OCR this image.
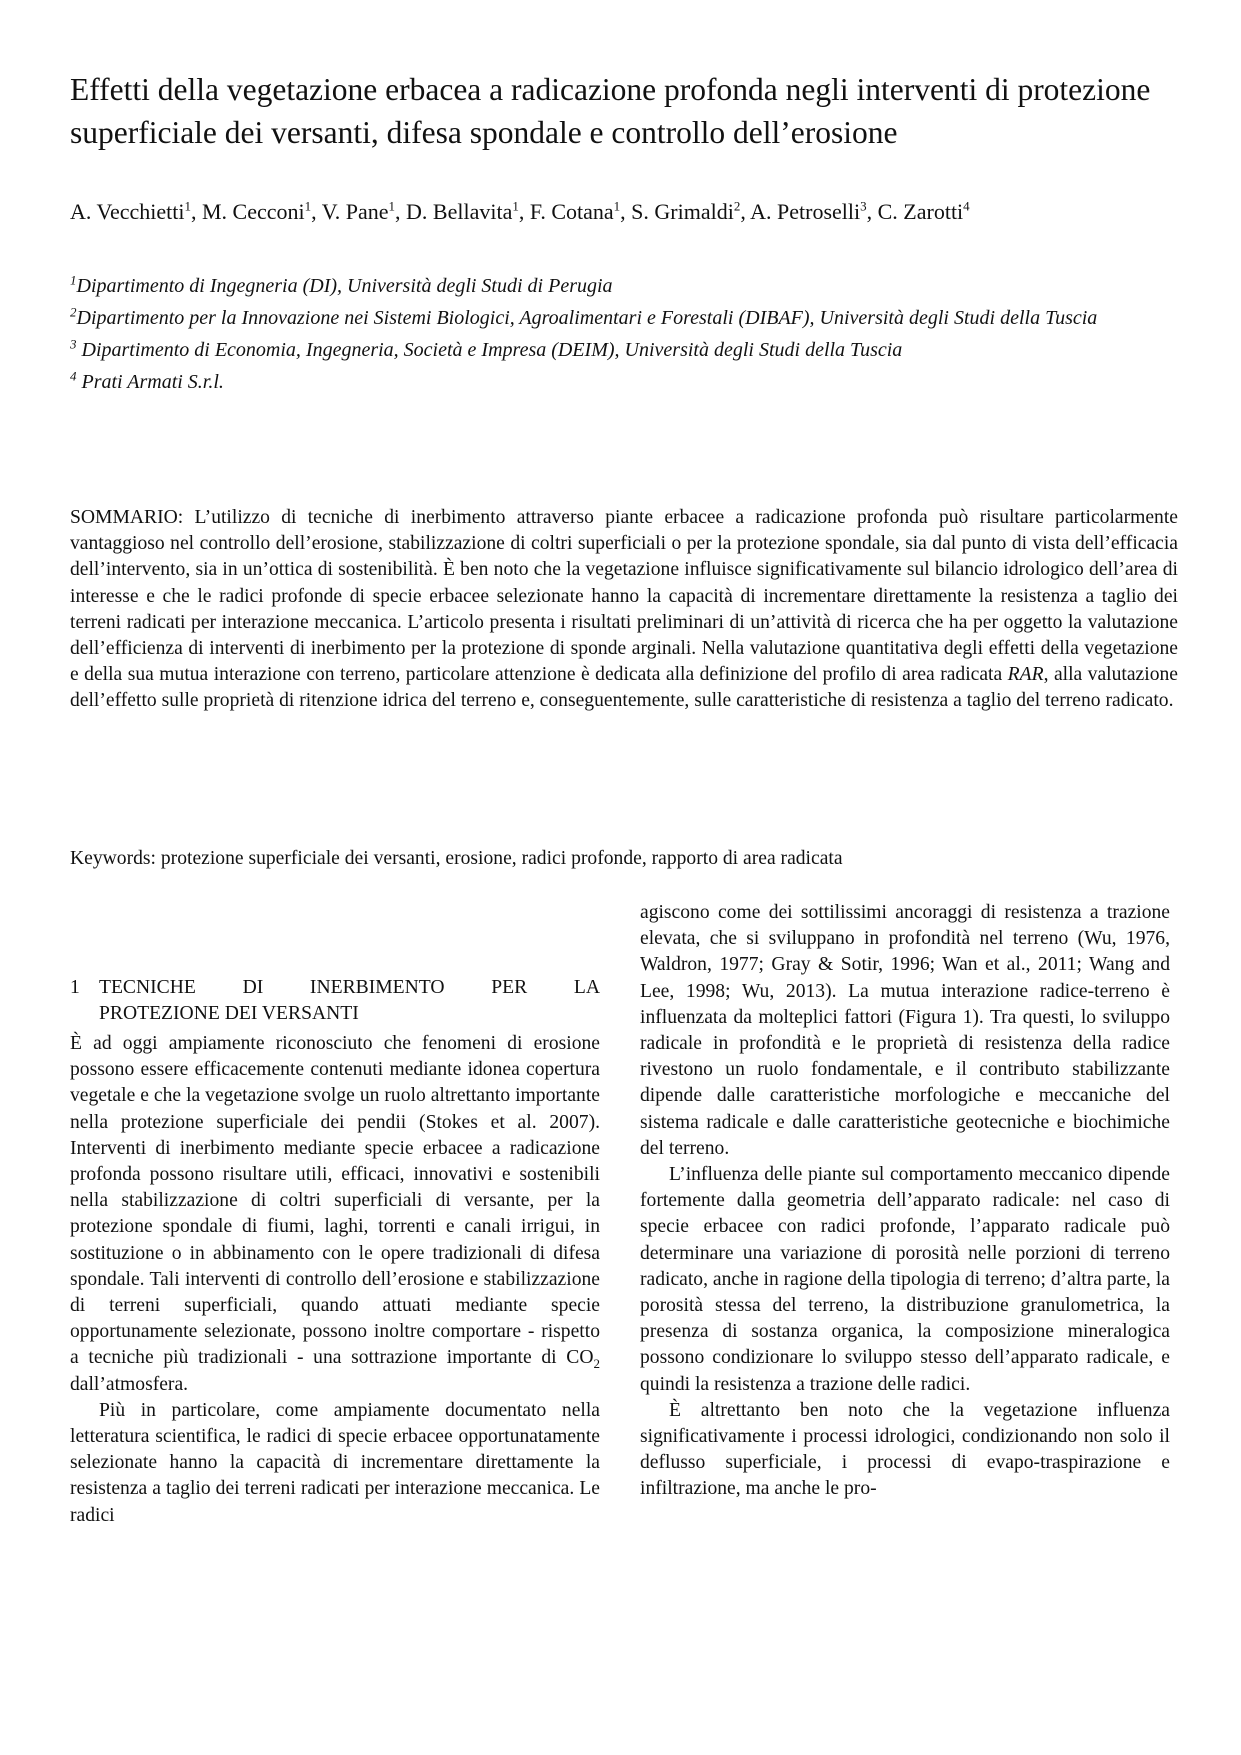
Effetti della vegetazione erbacea a radicazione profonda negli interventi di protezione superficiale dei versanti, difesa spondale e controllo dell’erosione

A. Vecchietti$^1$, M. Cecconi$^1$, V. Pane$^1$, D. Bellavita$^1$, F. Cotana$^1$, S. Grimaldi$^2$, A. Petroselli$^3$, C. Zarotti$^4$

$^1$Dipartimento di Ingegneria (DI), Università degli Studi di Perugia

$^2$Dipartimento per la Innovazione nei Sistemi Biologici, Agroalimentari e Forestali (DIBAF), Università degli Studi della Tuscia

$^3$ Dipartimento di Economia, Ingegneria, Società e Impresa (DEIM), Università degli Studi della Tuscia

$^4$ Prati Armati S.r.l.

SOMMARIO: L’utilizzo di tecniche di inerbimento attraverso piante erbacee a radicazione profonda può risultare particolarmente vantaggioso nel controllo dell’erosione, stabilizzazione di coltri superficiali o per la protezione spondale, sia dal punto di vista dell’efficacia dell’intervento, sia in un’ottica di sostenibilità. È ben noto che la vegetazione influisce significativamente sul bilancio idrologico dell’area di interesse e che le radici profonde di specie erbacee selezionate hanno la capacità di incrementare direttamente la resistenza a taglio dei terreni radicati per interazione meccanica. L’articolo presenta i risultati preliminari di un’attività di ricerca che ha per oggetto la valutazione dell’efficienza di interventi di inerbimento per la protezione di sponde arginali. Nella valutazione quantitativa degli effetti della vegetazione e della sua mutua interazione con terreno, particolare attenzione è dedicata alla definizione del profilo di area radicata RAR, alla valutazione dell’effetto sulle proprietà di ritenzione idrica del terreno e, conseguentemente, sulle caratteristiche di resistenza a taglio del terreno radicato.

Keywords: protezione superficiale dei versanti, erosione, radici profonde, rapporto di area radicata

1 TECNICHE DI INERBIMENTO PER LA
PROTEZIONE DEI VERSANTI

È ad oggi ampiamente riconosciuto che fenomeni di erosione possono essere efficacemente contenuti mediante idonea copertura vegetale e che la vegetazione svolge un ruolo altrettanto importante nella protezione superficiale dei pendii (Stokes et al. 2007). Interventi di inerbimento mediante specie erbacee a radicazione profonda possono risultare utili, efficaci, innovativi e sostenibili nella stabilizzazione di coltri superficiali di versante, per la protezione spondale di fiumi, laghi, torrenti e canali irrigui, in sostituzione o in abbinamento con le opere tradizionali di difesa spondale. Tali interventi di controllo dell’erosione e stabilizzazione di terreni superficiali, quando attuati mediante specie opportunamente selezionate, possono inoltre comportare - rispetto a tecniche più tradizionali - una sottrazione importante di $CO_2$ dall’atmosfera.

Più in particolare, come ampiamente documentato nella letteratura scientifica, le radici di specie erbacee opportunatamente selezionate hanno la capacità di incrementare direttamente la resistenza a taglio dei terreni radicati per interazione meccanica. Le radici

agiscono come dei sottilissimi ancoraggi di resistenza a trazione elevata, che si sviluppano in profondità nel terreno (Wu, 1976, Waldron, 1977; Gray & Sotir, 1996; Wan et al., 2011; Wang and Lee, 1998; Wu, 2013). La mutua interazione radice-terreno è influenzata da molteplici fattori (Figura 1). Tra questi, lo sviluppo radicale in profondità e le proprietà di resistenza della radice rivestono un ruolo fondamentale, e il contributo stabilizzante dipende dalle caratteristiche morfologiche e meccaniche del sistema radicale e dalle caratteristiche geotecniche e biochimiche del terreno.

L’influenza delle piante sul comportamento meccanico dipende fortemente dalla geometria dell’apparato radicale: nel caso di specie erbacee con radici profonde, l’apparato radicale può determinare una variazione di porosità nelle porzioni di terreno radicato, anche in ragione della tipologia di terreno; d’altra parte, la porosità stessa del terreno, la distribuzione granulometrica, la presenza di sostanza organica, la composizione mineralogica possono condizionare lo sviluppo stesso dell’apparato radicale, e quindi la resistenza a trazione delle radici.

È altrettanto ben noto che la vegetazione influenza significativamente i processi idrologici, condizionando non solo il deflusso superficiale, i processi di evapo-traspirazione e infiltrazione, ma anche le pro-
